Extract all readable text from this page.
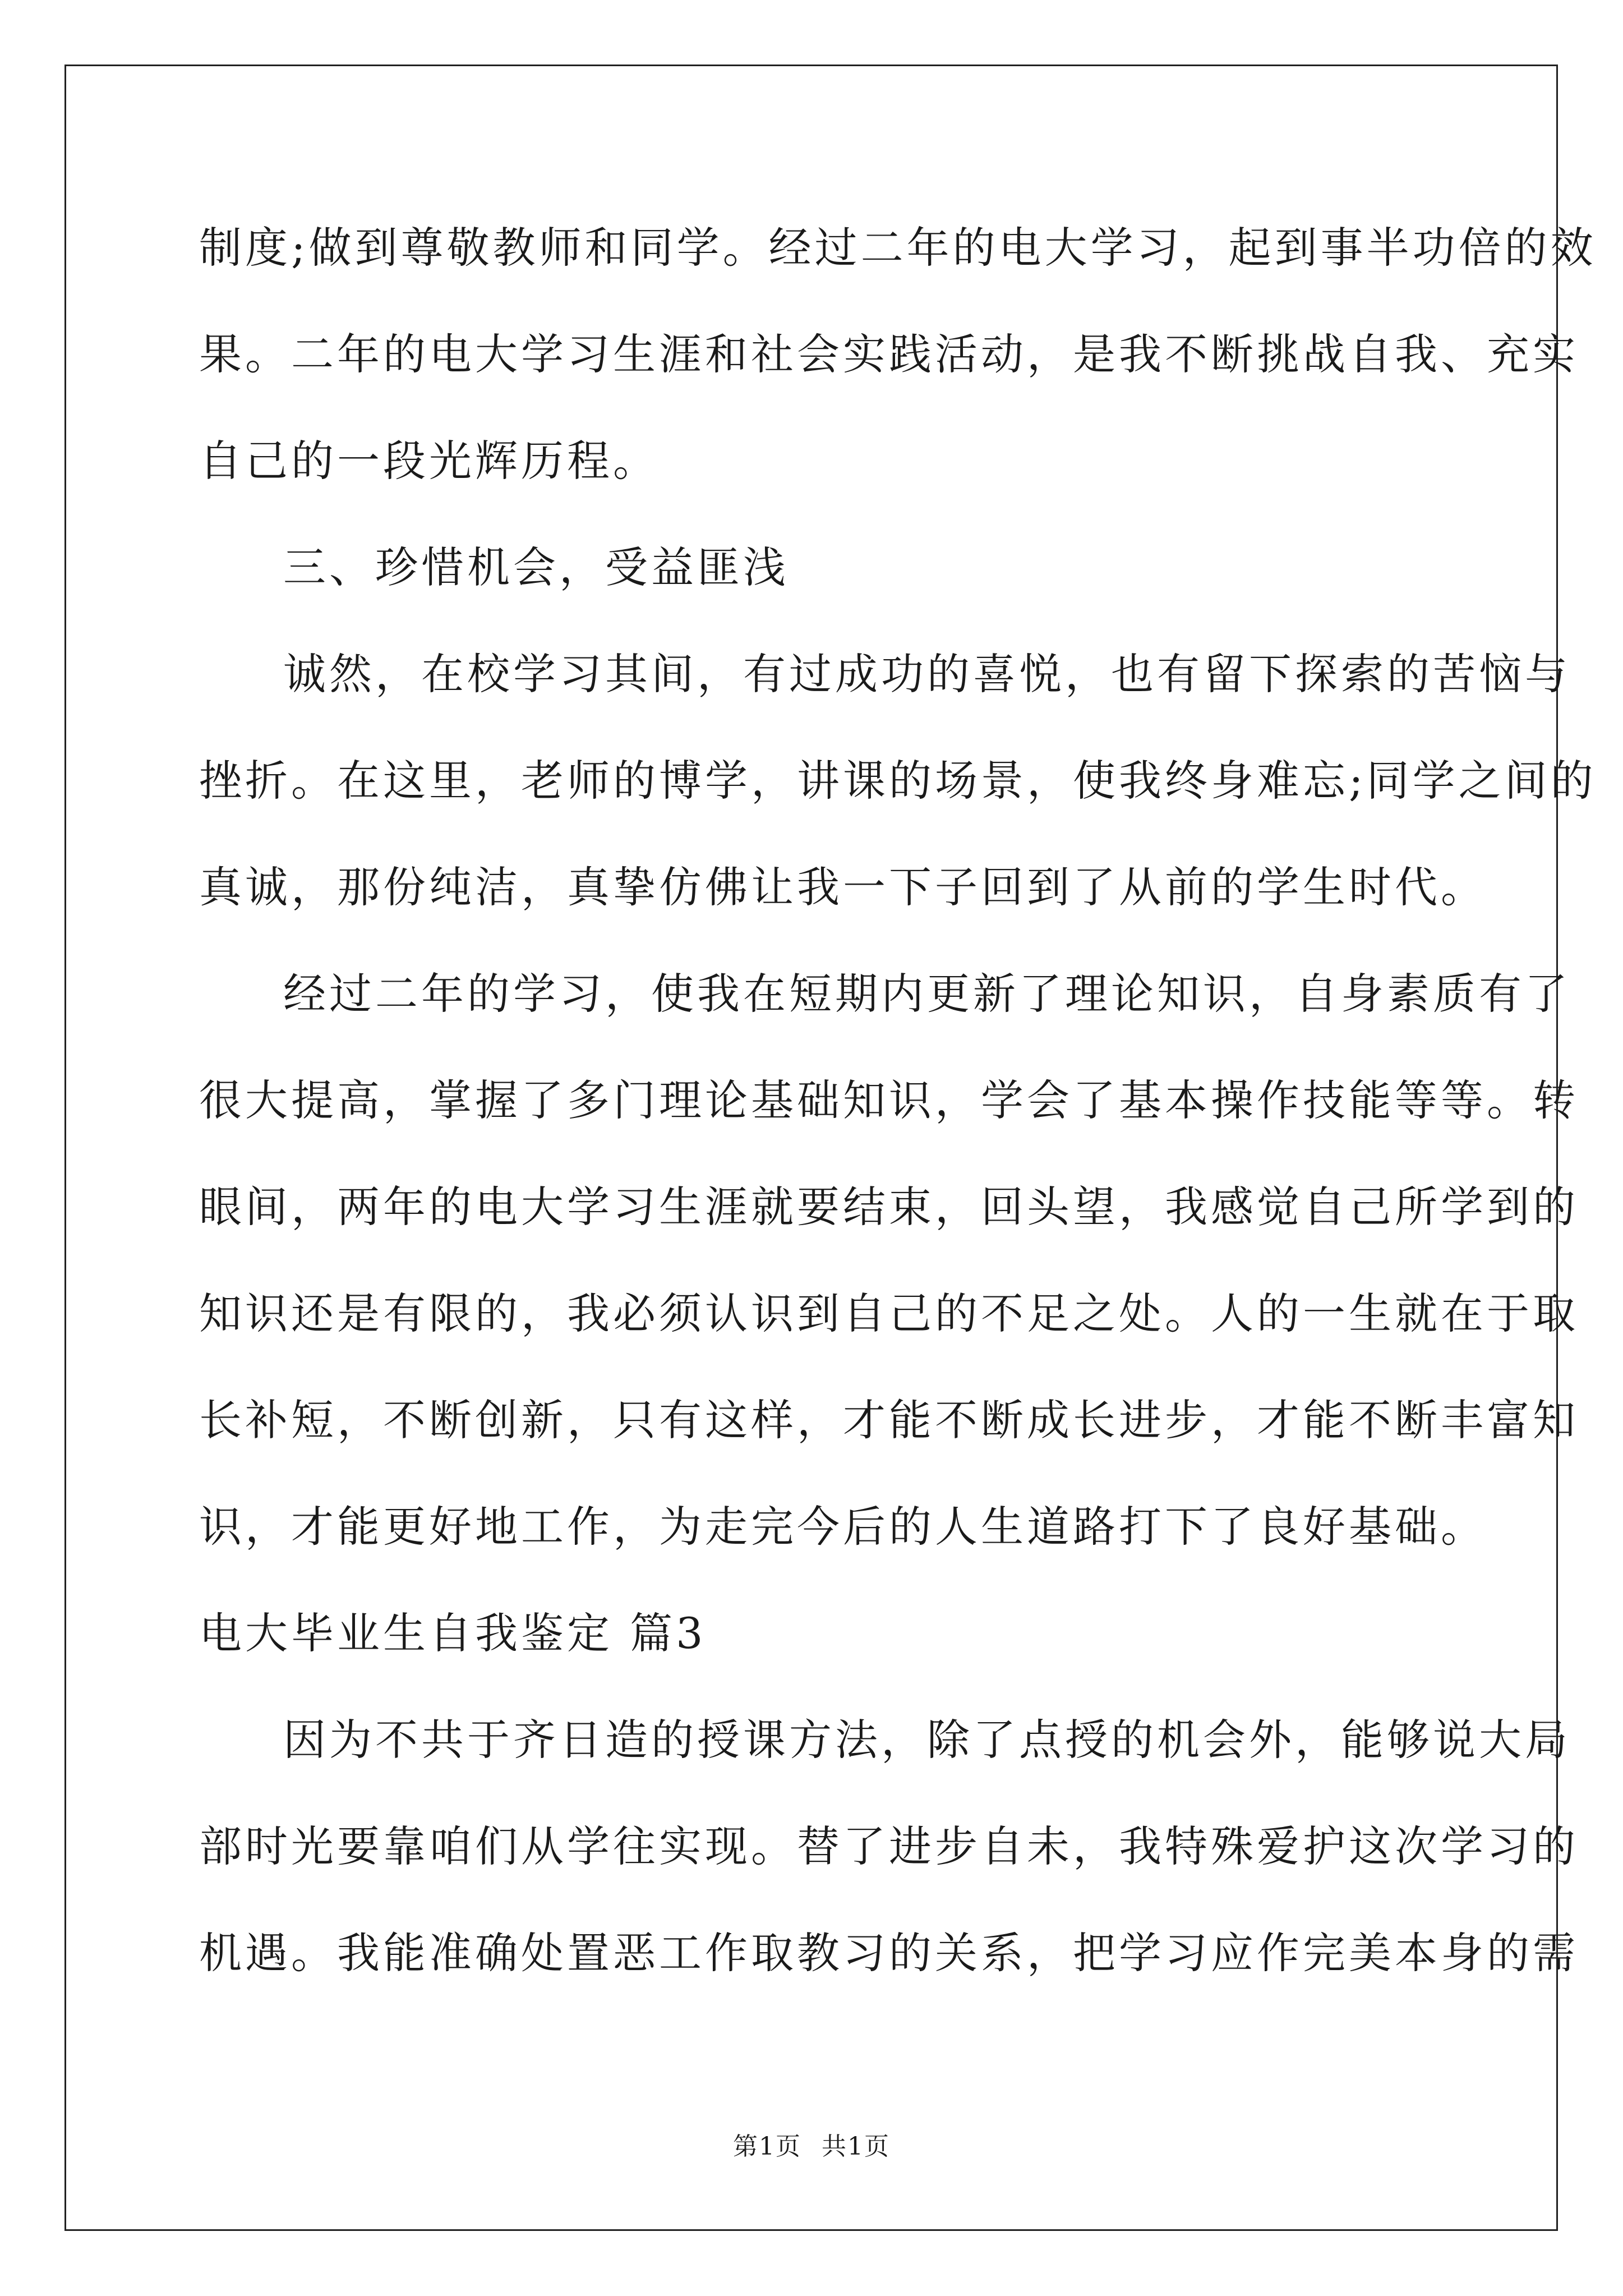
制度;做到尊敬教师和同学。经过二年的电大学习，起到事半功倍的效
果。二年的电大学习生涯和社会实践活动，是我不断挑战自我、充实
自己的一段光辉历程。
三、珍惜机会，受益匪浅
诚然，在校学习其间，有过成功的喜悦，也有留下探索的苦恼与
挫折。在这里，老师的博学，讲课的场景，使我终身难忘;同学之间的
真诚，那份纯洁，真挚仿佛让我一下子回到了从前的学生时代。
经过二年的学习，使我在短期内更新了理论知识，自身素质有了
很大提高，掌握了多门理论基础知识，学会了基本操作技能等等。转
眼间，两年的电大学习生涯就要结束，回头望，我感觉自己所学到的
知识还是有限的，我必须认识到自己的不足之处。人的一生就在于取
长补短，不断创新，只有这样，才能不断成长进步，才能不断丰富知
识，才能更好地工作，为走完今后的人生道路打下了良好基础。
电大毕业生自我鉴定 篇3
因为不共于齐日造的授课方法，除了点授的机会外，能够说大局
部时光要靠咱们从学往实现。替了进步自未，我特殊爱护这次学习的
机遇。我能准确处置恶工作取教习的关系，把学习应作完美本身的需
第1页 共1页
